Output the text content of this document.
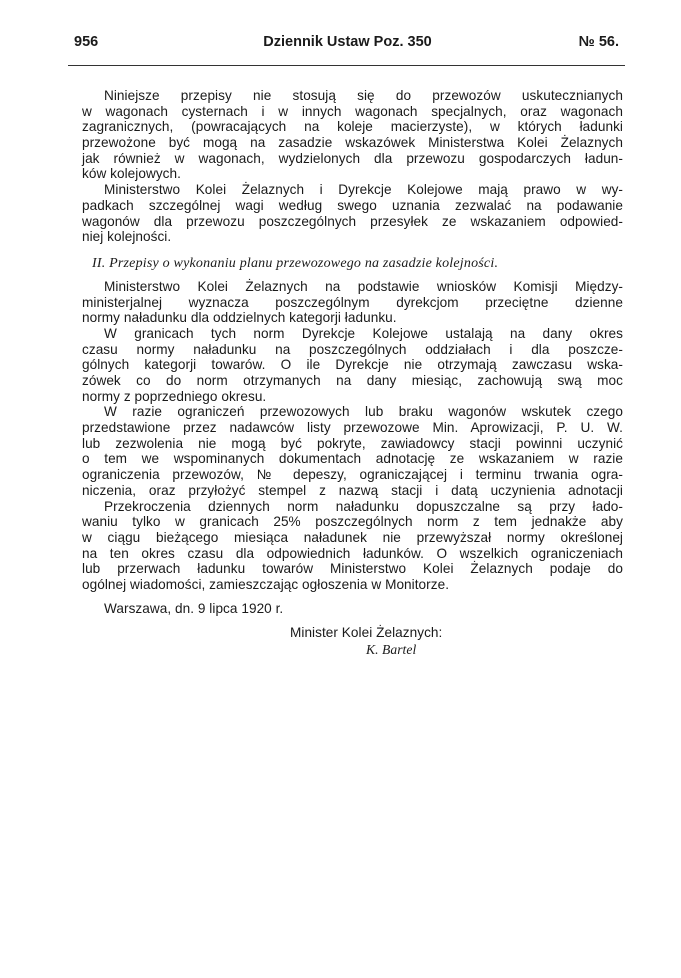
956	Dziennik Ustaw Poz. 350	№ 56.
Niniejsze przepisy nie stosują się do przewozów uskuteczniaпуch
w wagonach cysternach i w innych wagonach specjalnych, oraz wagonach
zagranicznych, (powracających na koleje macierzyste), w których ładunki
przewożone być mogą na zasadzie wskazówek Ministerstwa Kolei Żelaznych
jak również w wagonach, wydzielonych dla przewozu gospodarczych ładun-
ków kolejowych.
Ministerstwo Kolei Żelaznych i Dyrekcje Kolejowe mają prawo w wy-
padkach szczególnej wagi według swego uznania zezwalać na podawanie
wagonów dla przewozu poszczególnych przesyłek ze wskazaniem odpowied-
niej kolejności.
II. Przepisy o wykonaniu planu przewozowego na zasadzie kolejności.
Ministerstwo Kolei Żelaznych na podstawie wniosków Komisji Między-
ministerjalnej wyznacza poszczególnym dyrekcjom przeciętne dzienne
normy naładunku dla oddzielnych kategorji ładunku.
W granicach tych norm Dyrekcje Kolejowe ustalają na dany okres
czasu normy naładunku na poszczególnych oddziałach i dla poszcze-
gólnych kategorji towarów. O ile Dyrekcje nie otrzymają zawczasu wska-
zówek co do norm otrzymanych na dany miesiąc, zachowują swą moc
normy z poprzedniego okresu.
W razie ograniczeń przewozowych lub braku wagonów wskutek czego
przedstawione przez nadawców listy przewozowe Min. Aprowizacji, P. U. W.
lub zezwolenia nie mogą być pokryte, zawiadowcy stacji powinni uczynić
o tem we wspominanych dokumentach adnotację ze wskazaniem w razie
ograniczenia przewozów, № depeszy, ograniczającej i terminu trwania ogra-
niczenia, oraz przyłożyć stempel z nazwą stacji i datą uczynienia adnotacji
Przekroczenia dziennych norm naładunku dopuszczalne są przy łado-
waniu tylko w granicach 25% poszczególnych norm z tem jednakże aby
w ciągu bieżącego miesiąca naładunek nie przewyższał normy określonej
na ten okres czasu dla odpowiednich ładunków. O wszelkich ograniczeniach
lub przerwach ładunku towarów Ministerstwo Kolei Żelaznych podaje do
ogólnej wiadomości, zamieszczając ogłoszenia w Monitorze.
Warszawa, dn. 9 lipca 1920 r.
Minister Kolei Żelaznych:
K. Bartel
